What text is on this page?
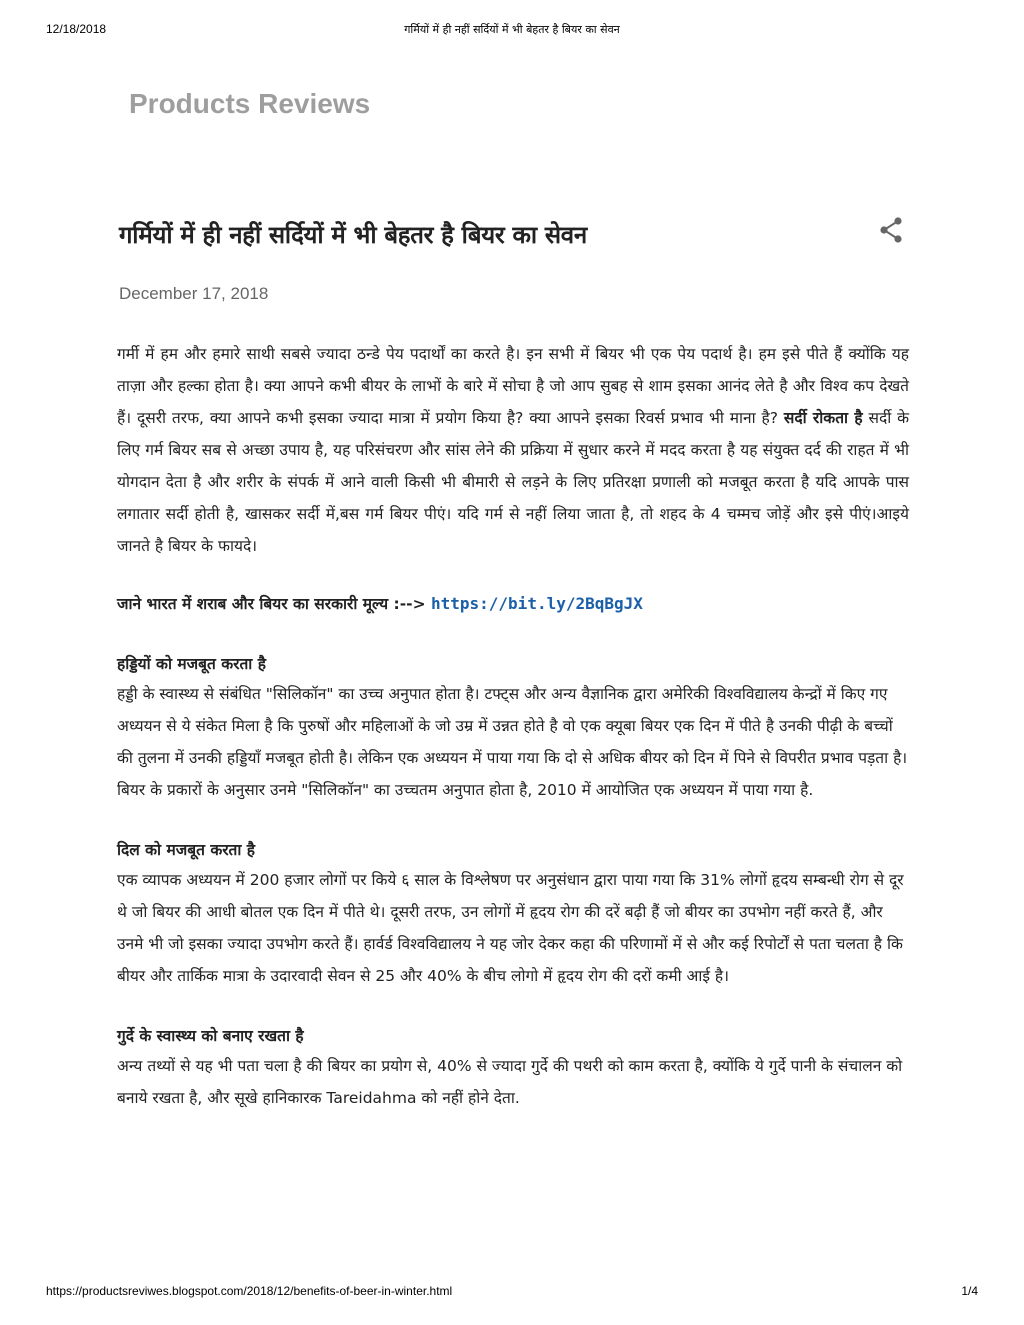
12/18/2018	गर्मियों में ही नहीं सर्दियों में भी बेहतर है बियर का सेवन
Products Reviews
गर्मियों में ही नहीं सर्दियों में भी बेहतर है बियर का सेवन
December 17, 2018

गर्मी में हम और हमारे साथी सबसे ज्यादा ठन्डे पेय पदार्थों का करते है। इन सभी में बियर भी एक पेय पदार्थ है। हम इसे पीते हैं क्योंकि यह ताज़ा और हल्का होता है। क्या आपने कभी बीयर के लाभों के बारे में सोचा है जो आप सुबह से शाम इसका आनंद लेते है और विश्व कप देखते हैं। दूसरी तरफ, क्या आपने कभी इसका ज्यादा मात्रा में प्रयोग किया है? क्या आपने इसका रिवर्स प्रभाव भी माना है? सर्दी रोकता है सर्दी के लिए गर्म बियर सब से अच्छा उपाय है, यह परिसंचरण और सांस लेने की प्रक्रिया में सुधार करने में मदद करता है यह संयुक्त दर्द की राहत में भी योगदान देता है और शरीर के संपर्क में आने वाली किसी भी बीमारी से लड़ने के लिए प्रतिरक्षा प्रणाली को मजबूत करता है यदि आपके पास लगातार सर्दी होती है, खासकर सर्दी में,बस गर्म बियर पीएं। यदि गर्म से नहीं लिया जाता है, तो शहद के 4 चम्मच जोड़ें और इसे पीएं।आइये जानते है बियर के फायदे।

जाने भारत में शराब और बियर का सरकारी मूल्य :--> https://bit.ly/2BqBgJX

हड्डियों को मजबूत करता है

हड्डी के स्वास्थ्य से संबंधित "सिलिकॉन" का उच्च अनुपात होता है। टफ्ट्स और अन्य वैज्ञानिक द्वारा अमेरिकी विश्वविद्यालय केन्द्रों में किए गए अध्ययन से ये संकेत मिला है कि पुरुषों और महिलाओं के जो उम्र में उन्नत होते है वो एक क्यूबा बियर एक दिन में पीते है उनकी पीढ़ी के बच्चों की तुलना में उनकी हड्डियाँ मजबूत होती है। लेकिन एक अध्ययन में पाया गया कि दो से अधिक बीयर को दिन में पिने से विपरीत प्रभाव पड़ता है। बियर के प्रकारों के अनुसार उनमे "सिलिकॉन" का उच्चतम अनुपात होता है, 2010 में आयोजित एक अध्ययन में पाया गया है.

दिल को मजबूत करता है

एक व्यापक अध्ययन में 200 हजार लोगों पर किये ६ साल के विश्लेषण पर अनुसंधान द्वारा पाया गया कि 31% लोगों हृदय सम्बन्धी रोग से दूर थे जो बियर की आधी बोतल एक दिन में पीते थे। दूसरी तरफ, उन लोगों में हृदय रोग की दरें बढ़ी हैं जो बीयर का उपभोग नहीं करते हैं, और उनमे भी जो इसका ज्यादा उपभोग करते हैं। हार्वर्ड विश्वविद्यालय ने यह जोर देकर कहा की परिणामों में से और कई रिपोर्टों से पता चलता है कि बीयर और तार्किक मात्रा के उदारवादी सेवन से 25 और 40% के बीच लोगो में हृदय रोग की दरों कमी आई है।

गुर्दे के स्वास्थ्य को बनाए रखता है

अन्य तथ्यों से यह भी पता चला है की बियर का प्रयोग से, 40% से ज्यादा गुर्दे की पथरी को काम करता है, क्योंकि ये गुर्दे पानी के संचालन को बनाये रखता है, और सूखे हानिकारक Tareidahma को नहीं होने देता.

https://productsreviwes.blogspot.com/2018/12/benefits-of-beer-in-winter.html	1/4
